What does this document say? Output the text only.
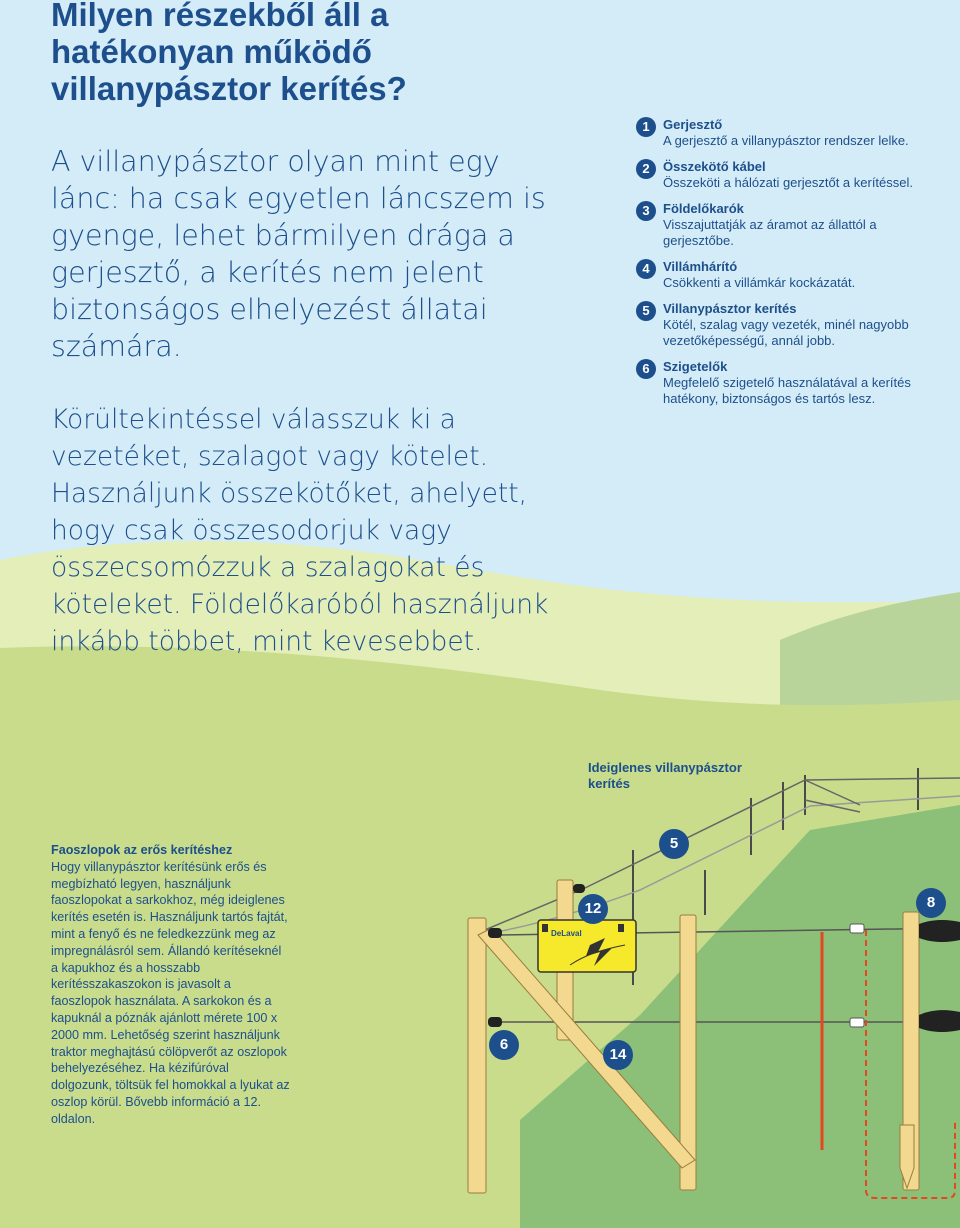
Milyen részekből áll a hatékonyan működő villanypásztor kerítés?

A villanypásztor olyan mint egy lánc: ha csak egyetlen láncszem is gyenge, lehet bármilyen drága a gerjesztő, a kerítés nem jelent biztonságos elhelyezést állatai számára.

Körültekintéssel válasszuk ki a vezetéket, szalagot vagy kötelet. Használjunk összekötőket, ahelyett, hogy csak összesodorjuk vagy összecsomózzuk a szalagokat és köteleket. Földelőkaróból használjunk inkább többet, mint kevesebbet.

1	Gerjesztő
A gerjesztő a villanypásztor rendszer lelke.
2	Összekötő kábel
Összeköti a hálózati gerjesztőt a kerítéssel.
3	Földelőkarók
Visszajuttatják az áramot az állattól a gerjesztőbe.
4	Villámhárító
Csökkenti a villámkár kockázatát.
5	Villanypásztor kerítés
Kötél, szalag vagy vezeték, minél nagyobb vezetőképességű, annál jobb.
6	Szigetelők
Megfelelő szigetelő használatával a kerítés hatékony, biztonságos és tartós lesz.
Ideiglenes villanypásztor kerítés
Faoszlopok az erős kerítéshez
Hogy villanypásztor kerítésünk erős és megbízható legyen, használjunk faoszlopokat a sarkokhoz, még ideiglenes kerítés esetén is. Használjunk tartós fajtát, mint a fenyő és ne feledkezzünk meg az impregnálásról sem. Állandó kerítéseknél a kapukhoz és a hosszabb kerítésszakaszokon is javasolt a faoszlopok használata. A sarkokon és a kapuknál a póznák ajánlott mérete 100 x 2000 mm. Lehetőség szerint használjunk traktor meghajtású cölöpverőt az oszlopok behelyezéséhez. Ha kézifúróval dolgozunk, töltsük fel homokkal a lyukat az oszlop körül. Bővebb információ a 12. oldalon.
DeLaval
5
6
8
12
14
